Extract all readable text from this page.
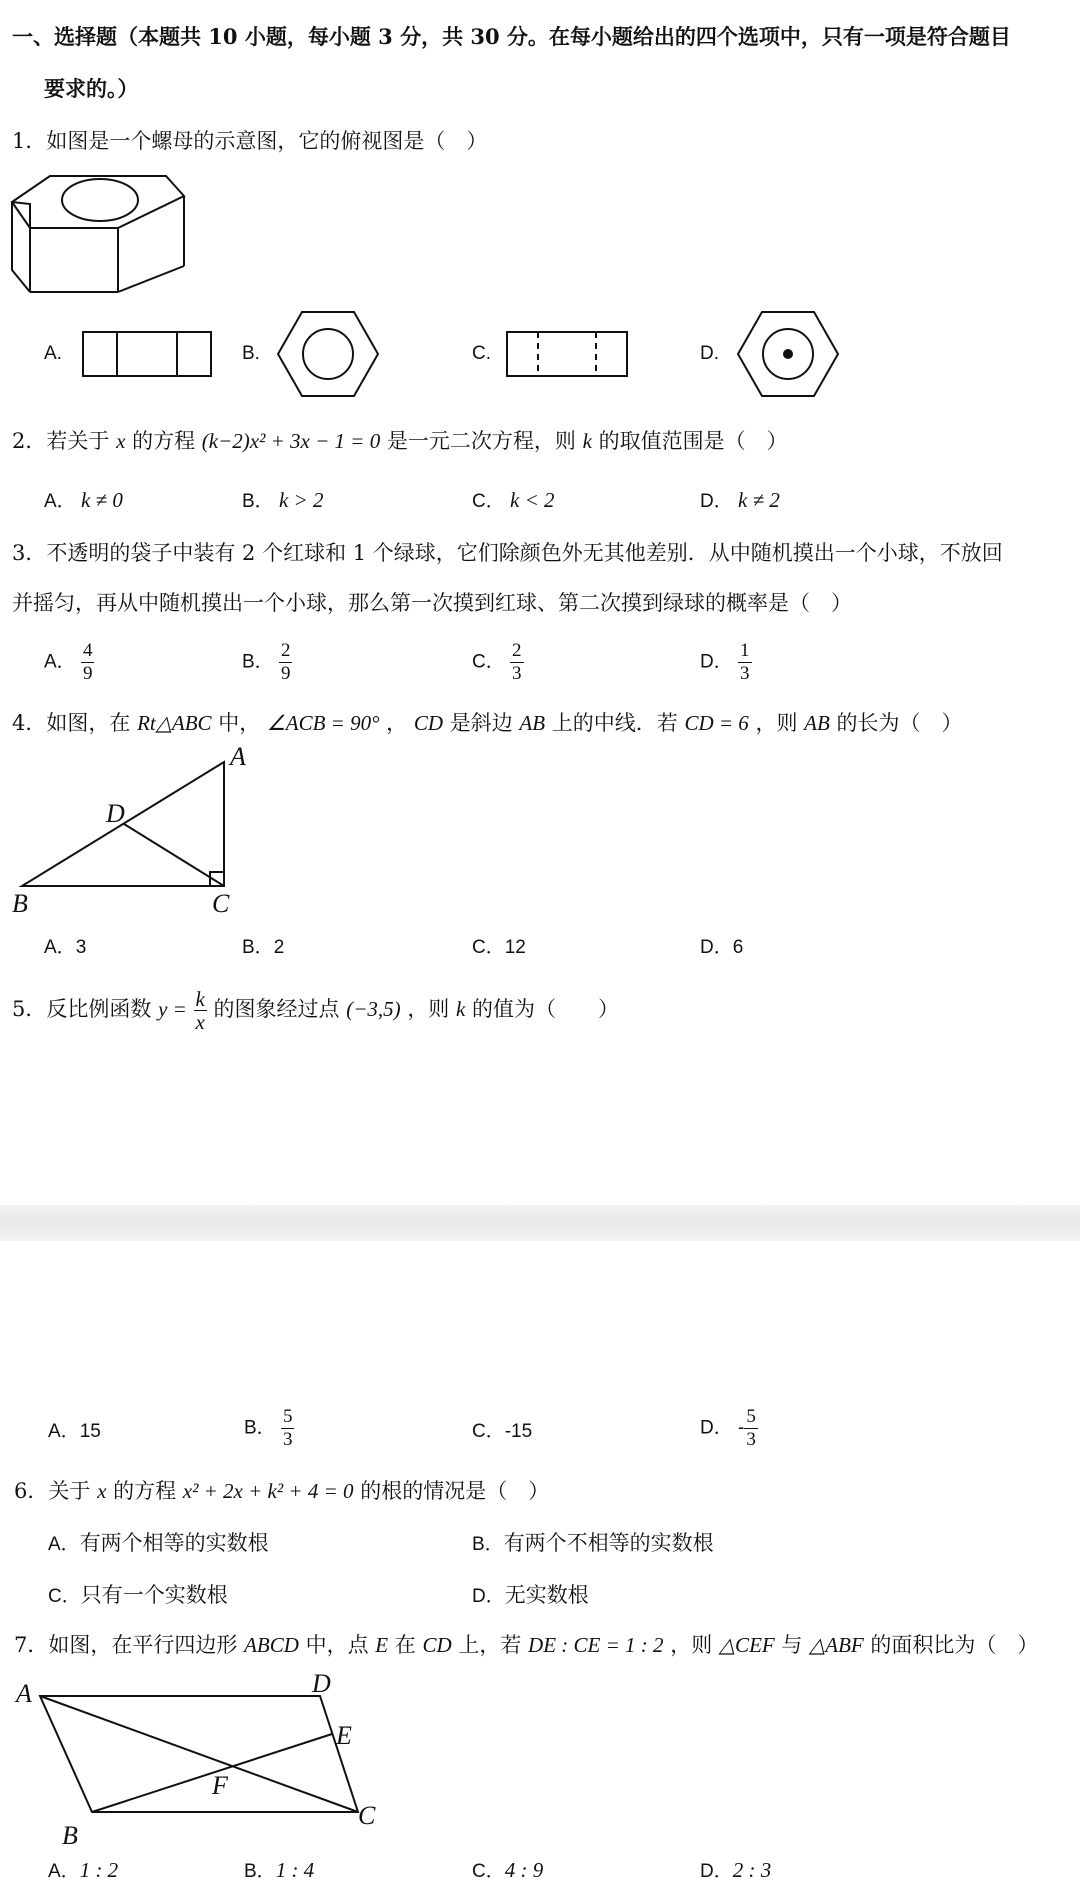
一、选择题（本题共 10 小题，每小题 3 分，共 30 分。在每小题给出的四个选项中，只有一项是符合题目
要求的。）
1．如图是一个螺母的示意图，它的俯视图是（　）
A.	B.	C.	D.
2．若关于 x 的方程 (k−2)x² + 3x − 1 = 0 是一元二次方程，则 k 的取值范围是（　）
A． k ≠ 0	B． k > 2	C． k < 2	D． k ≠ 2
3．不透明的袋子中装有 2 个红球和 1 个绿球，它们除颜色外无其他差别．从中随机摸出一个小球，不放回
并摇匀，再从中随机摸出一个小球，那么第一次摸到红球、第二次摸到绿球的概率是（　）
A． $\frac{4}{9}$	B． $\frac{2}{9}$	C． $\frac{2}{3}$	D． $\frac{1}{3}$
4．如图，在 Rt△ABC 中， ∠ACB = 90° ， CD 是斜边 AB 上的中线．若 CD = 6 ，则 AB 的长为（　）
A
B	C
D
A．3	B．2	C．12	D．6
5．反比例函数 $y = \frac{k}{x}$ 的图象经过点 (−3,5) ，则 k 的值为（　　）
A．15	B． $\frac{5}{3}$	C．-15	D． - $\frac{5}{3}$
6．关于 x 的方程 x² + 2x + k² + 4 = 0 的根的情况是（　）
A．有两个相等的实数根	B．有两个不相等的实数根
C．只有一个实数根	D．无实数根
7．如图，在平行四边形 ABCD 中，点 E 在 CD 上，若 DE : CE = 1 : 2 ，则 △CEF 与 △ABF 的面积比为（　）
A	D
E
F
B
C
A．1 : 2	B．1 : 4	C．4 : 9	D．2 : 3
